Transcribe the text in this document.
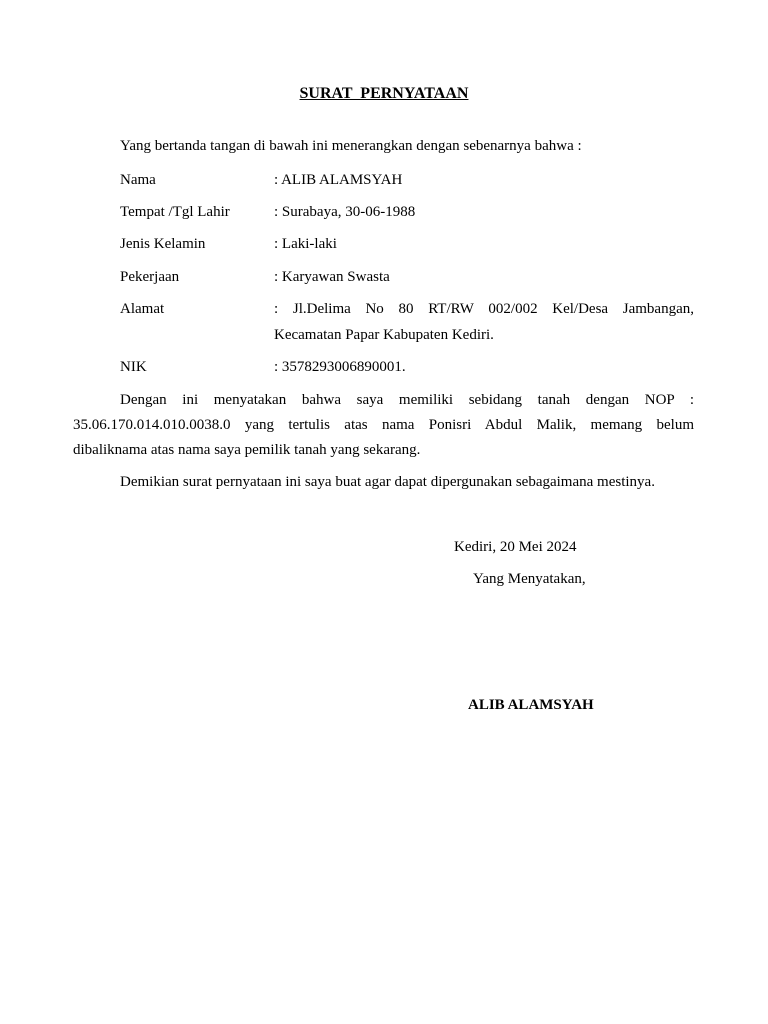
SURAT  PERNYATAAN
Yang bertanda tangan di bawah ini menerangkan dengan sebenarnya bahwa :
Nama	: ALIB ALAMSYAH
Tempat /Tgl Lahir	: Surabaya, 30-06-1988
Jenis Kelamin	: Laki-laki
Pekerjaan	: Karyawan Swasta
Alamat	: Jl.Delima No 80 RT/RW 002/002 Kel/Desa Jambangan,
Kecamatan Papar Kabupaten Kediri.
NIK	: 3578293006890001.
Dengan ini menyatakan bahwa saya memiliki sebidang tanah dengan NOP :
35.06.170.014.010.0038.0 yang tertulis atas nama Ponisri Abdul Malik, memang belum
dibaliknama atas nama saya pemilik tanah yang sekarang.
Demikian surat pernyataan ini saya buat agar dapat dipergunakan sebagaimana mestinya.
Kediri, 20 Mei 2024
Yang Menyatakan,
ALIB ALAMSYAH
